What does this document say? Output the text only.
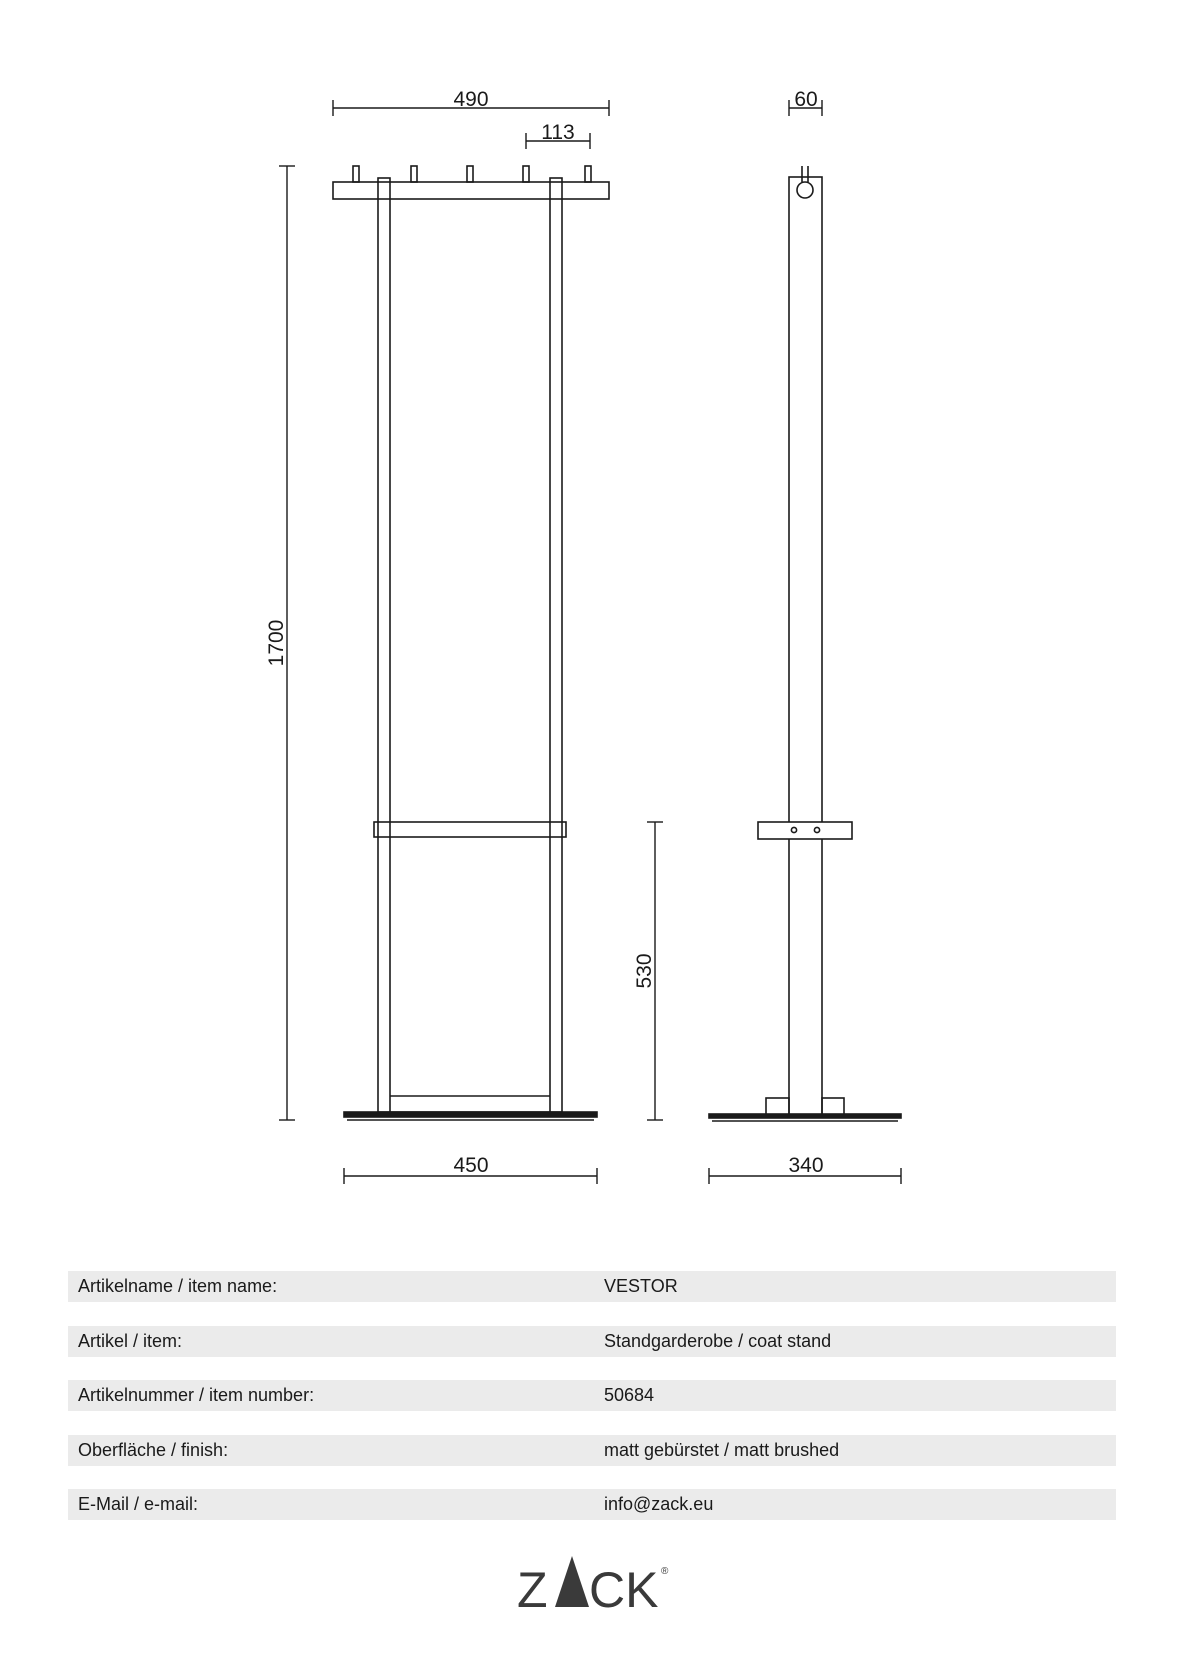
490
113
60
1700
530
450	340
Artikelname / item name:	VESTOR
Artikel / item:	Standgarderobe / coat stand
Artikelnummer / item number:	50684
Oberfläche / finish:	matt gebürstet / matt brushed
E-Mail / e-mail:	info@zack.eu
Z CK ®
